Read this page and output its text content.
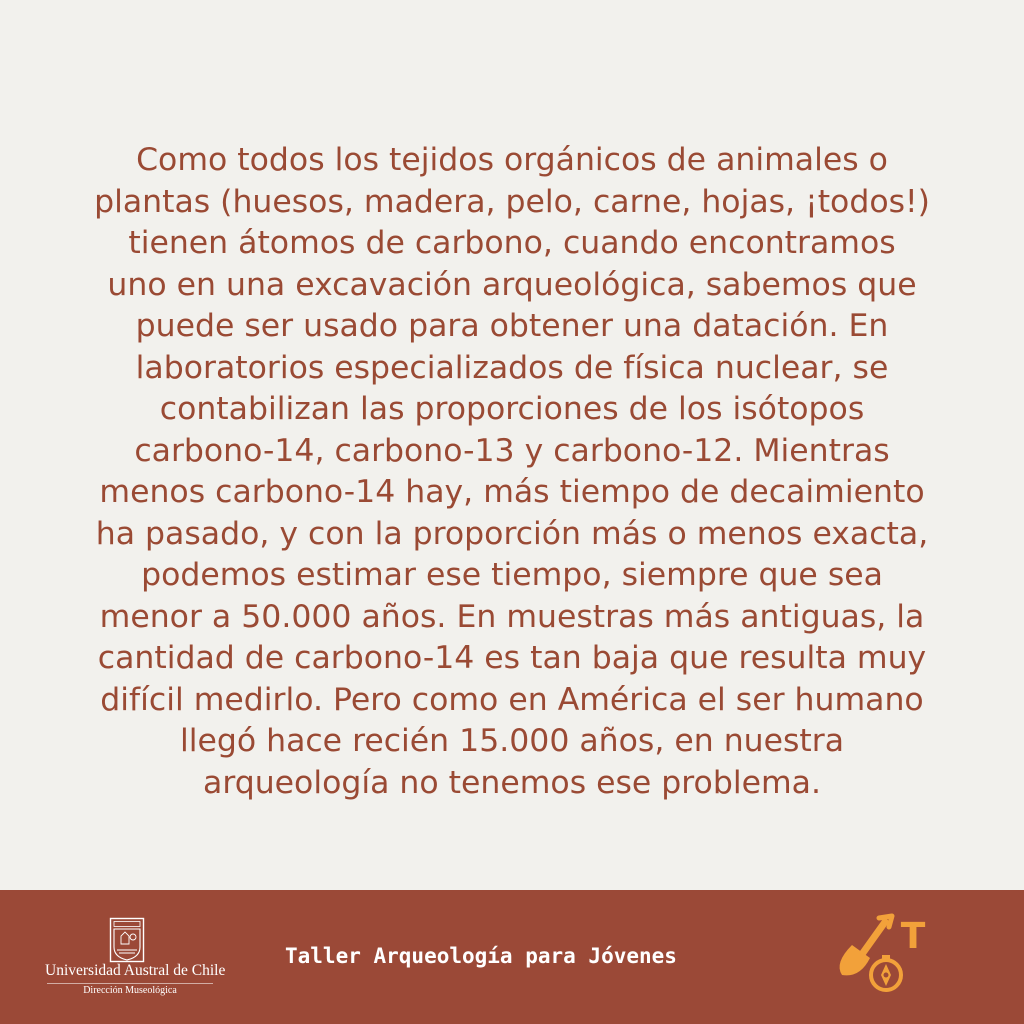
Como todos los tejidos orgánicos de animales o
plantas (huesos, madera, pelo, carne, hojas, ¡todos!)
tienen átomos de carbono, cuando encontramos
uno en una excavación arqueológica, sabemos que
puede ser usado para obtener una datación. En
laboratorios especializados de física nuclear, se
contabilizan las proporciones de los isótopos
carbono-14, carbono-13 y carbono-12. Mientras
menos carbono-14 hay, más tiempo de decaimiento
ha pasado, y con la proporción más o menos exacta,
podemos estimar ese tiempo, siempre que sea
menor a 50.000 años. En muestras más antiguas, la
cantidad de carbono-14 es tan baja que resulta muy
difícil medirlo. Pero como en América el ser humano
llegó hace recién 15.000 años, en nuestra
arqueología no tenemos ese problema.

Universidad Austral de Chile
Dirección Museológica
Taller Arqueología para Jóvenes	T
